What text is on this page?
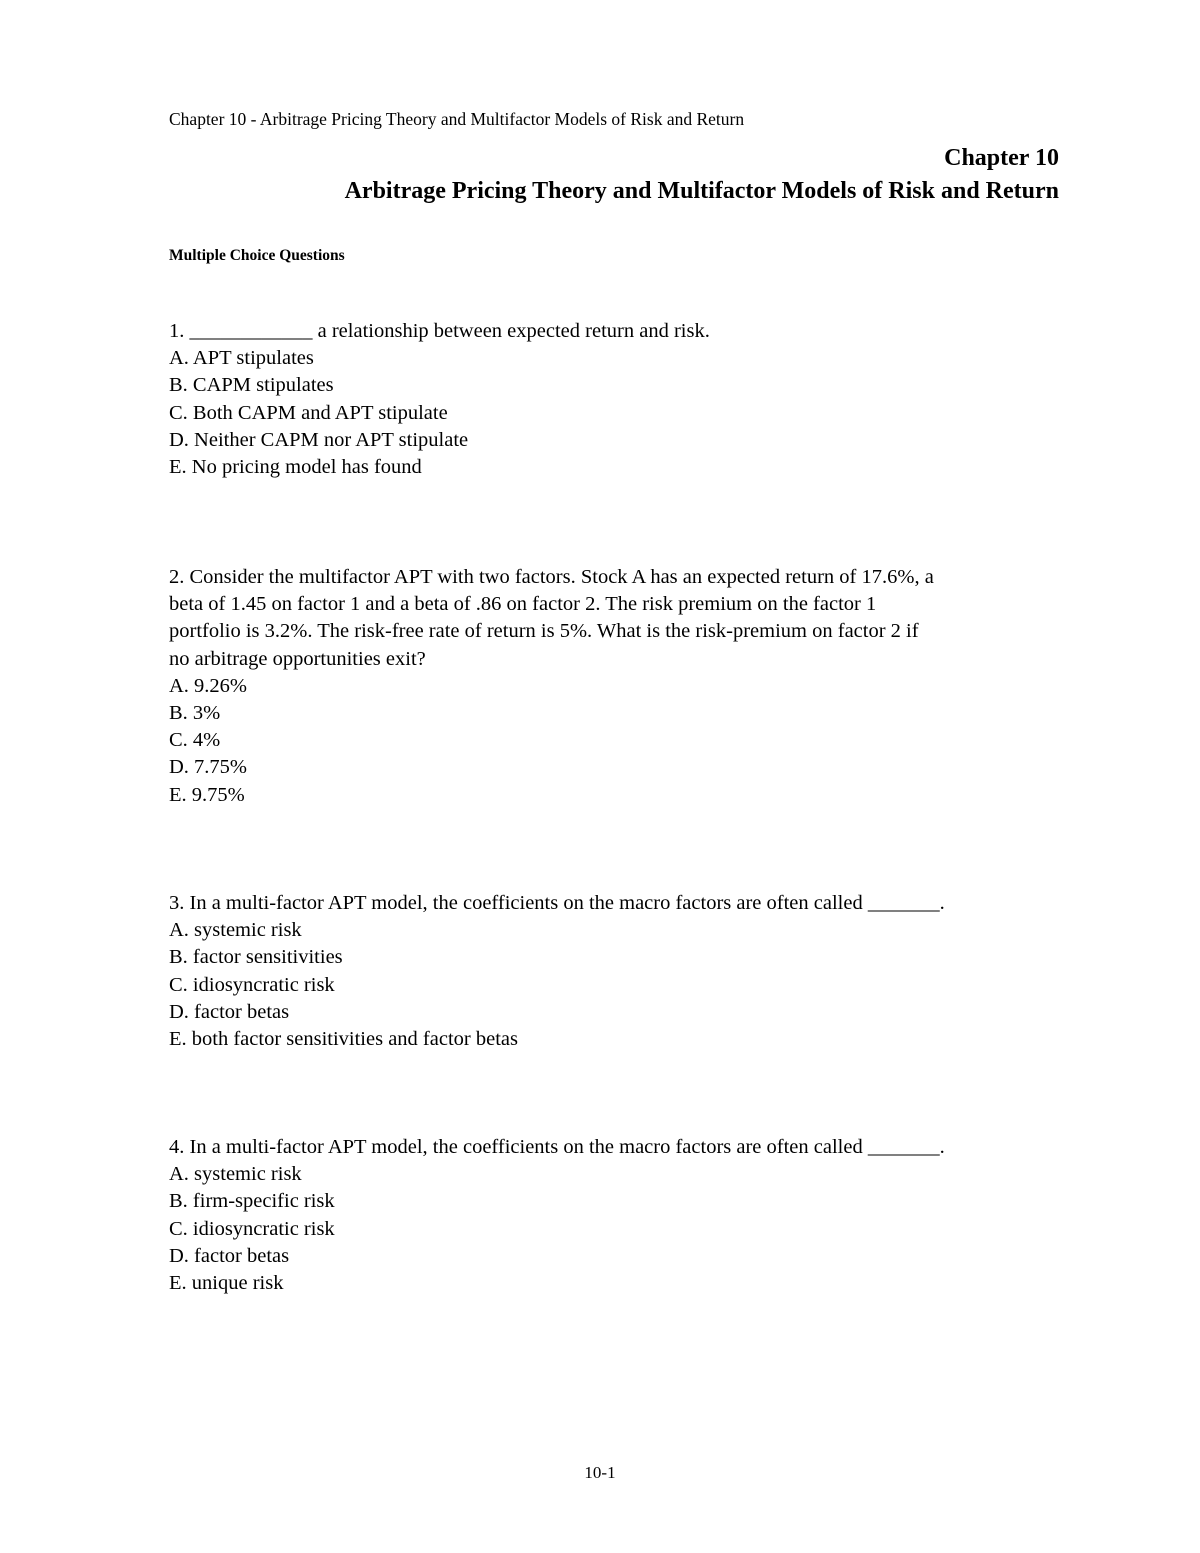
Chapter 10 - Arbitrage Pricing Theory and Multifactor Models of Risk and Return
Chapter 10
Arbitrage Pricing Theory and Multifactor Models of Risk and Return
Multiple Choice Questions
1. ____________ a relationship between expected return and risk.
A. APT stipulates
B. CAPM stipulates
C. Both CAPM and APT stipulate
D. Neither CAPM nor APT stipulate
E. No pricing model has found
2. Consider the multifactor APT with two factors. Stock A has an expected return of 17.6%, a
beta of 1.45 on factor 1 and a beta of .86 on factor 2. The risk premium on the factor 1
portfolio is 3.2%. The risk-free rate of return is 5%. What is the risk-premium on factor 2 if
no arbitrage opportunities exit?
A. 9.26%
B. 3%
C. 4%
D. 7.75%
E. 9.75%
3. In a multi-factor APT model, the coefficients on the macro factors are often called _______.
A. systemic risk
B. factor sensitivities
C. idiosyncratic risk
D. factor betas
E. both factor sensitivities and factor betas
4. In a multi-factor APT model, the coefficients on the macro factors are often called _______.
A. systemic risk
B. firm-specific risk
C. idiosyncratic risk
D. factor betas
E. unique risk
10-1
